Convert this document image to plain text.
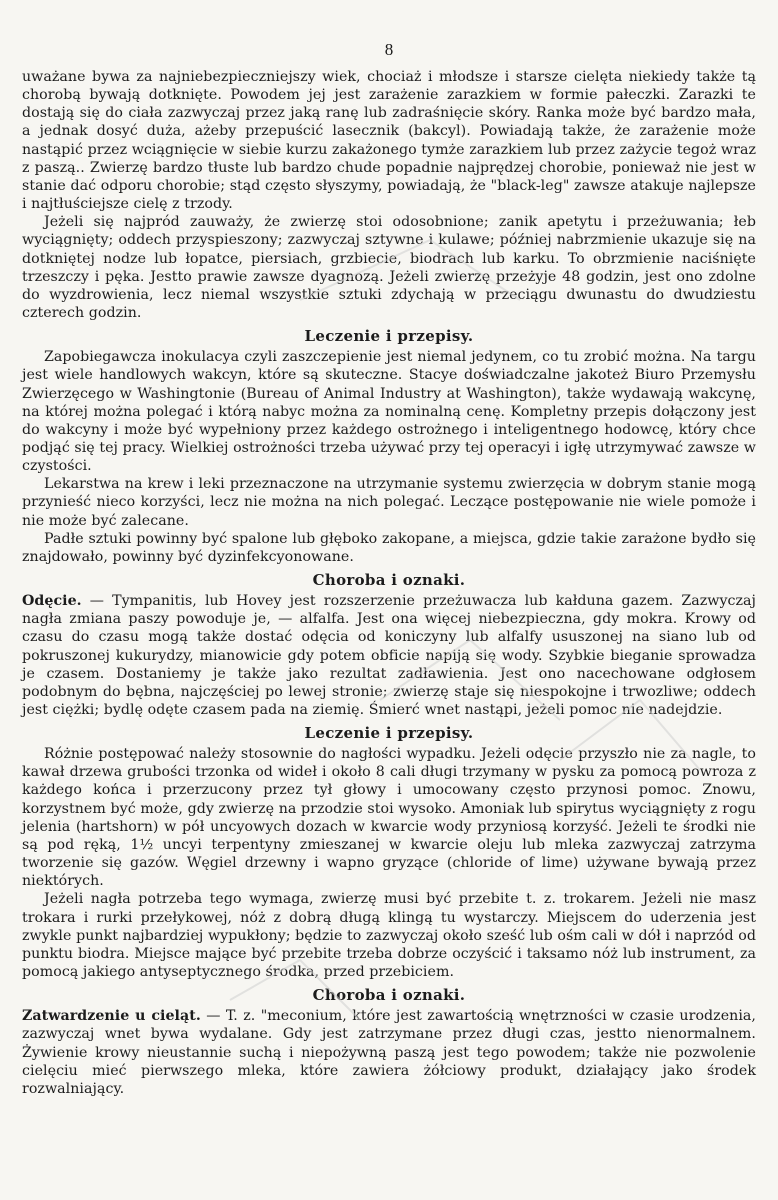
8

uważane bywa za najniebezpieczniejszy wiek, chociaż i młodsze i starsze cielęta niekiedy także tą chorobą bywają dotknięte. Powodem jej jest zarażenie zarazkiem w formie pałeczki. Zarazki te dostają się do ciała zazwyczaj przez jaką ranę lub zadraśnięcie skóry. Ranka może być bardzo mała, a jednak dosyć duża, ażeby przepuścić lasecznik (bakcyl). Powiadają także, że zarażenie może nastąpić przez wciągnięcie w siebie kurzu zakażonego tymże zarazkiem lub przez zażycie tegoż wraz z paszą.. Zwierzę bardzo tłuste lub bardzo chude popadnie najprędzej chorobie, ponieważ nie jest w stanie dać odporu chorobie; stąd często słyszymy, powiadają, że "black-leg" zawsze atakuje najlepsze i najtłuściejsze cielę z trzody.

Jeżeli się najpród zauważy, że zwierzę stoi odosobnione; zanik apetytu i przeżuwania; łeb wyciągnięty; oddech przyspieszony; zazwyczaj sztywne i kulawe; później nabrzmienie ukazuje się na dotkniętej nodze lub łopatce, piersiach, grzbiecie, biodrach lub karku. To obrzmienie naciśnięte trzeszczy i pęka. Jestto prawie zawsze dyagnozą. Jeżeli zwierzę przeżyje 48 godzin, jest ono zdolne do wyzdrowienia, lecz niemal wszystkie sztuki zdychają w przeciągu dwunastu do dwudziestu czterech godzin.

Leczenie i przepisy.

Zapobiegawcza inokulacya czyli zaszczepienie jest niemal jedynem, co tu zrobić można. Na targu jest wiele handlowych wakcyn, które są skuteczne. Stacye doświadczalne jakoteż Biuro Przemysłu Zwierzęcego w Washingtonie (Bureau of Animal Industry at Washington), także wydawają wakcynę, na której można polegać i którą nabyc można za nominalną cenę. Kompletny przepis dołączony jest do wakcyny i może być wypełniony przez każdego ostrożnego i inteligentnego hodowcę, który chce podjąć się tej pracy. Wielkiej ostrożności trzeba używać przy tej operacyi i igłę utrzymywać zawsze w czystości.

Lekarstwa na krew i leki przeznaczone na utrzymanie systemu zwierzęcia w dobrym stanie mogą przynieść nieco korzyści, lecz nie można na nich polegać. Leczące postępowanie nie wiele pomoże i nie może być zalecane.

Padłe sztuki powinny być spalone lub głęboko zakopane, a miejsca, gdzie takie zarażone bydło się znajdowało, powinny być dyzinfekcyonowane.

Choroba i oznaki.

Odęcie. — Tympanitis, lub Hovey jest rozszerzenie przeżuwacza lub kałduna gazem. Zazwyczaj nagła zmiana paszy powoduje je, — alfalfa. Jest ona więcej niebezpieczna, gdy mokra. Krowy od czasu do czasu mogą także dostać odęcia od koniczyny lub alfalfy ususzonej na siano lub od pokruszonej kukurydzy, mianowicie gdy potem obficie napiją się wody. Szybkie bieganie sprowadza je czasem. Dostaniemy je także jako rezultat zadławienia. Jest ono nacechowane odgłosem podobnym do bębna, najczęściej po lewej stronie; zwierzę staje się niespokojne i trwozliwe; oddech jest ciężki; bydlę odęte czasem pada na ziemię. Śmierć wnet nastąpi, jeżeli pomoc nie nadejdzie.

Leczenie i przepisy.

Różnie postępować należy stosownie do nagłości wypadku. Jeżeli odęcie przyszło nie za nagle, to kawał drzewa grubości trzonka od wideł i około 8 cali długi trzymany w pysku za pomocą powroza z każdego końca i przerzucony przez tył głowy i umocowany często przynosi pomoc. Znowu, korzystnem być może, gdy zwierzę na przodzie stoi wysoko. Amoniak lub spirytus wyciągnięty z rogu jelenia (hartshorn) w pół uncyowych dozach w kwarcie wody przyniosą korzyść. Jeżeli te środki nie są pod ręką, 1½ uncyi terpentyny zmieszanej w kwarcie oleju lub mleka zazwyczaj zatrzyma tworzenie się gazów. Węgiel drzewny i wapno gryzące (chloride of lime) używane bywają przez niektórych.

Jeżeli nagła potrzeba tego wymaga, zwierzę musi być przebite t. z. trokarem. Jeżeli nie masz trokara i rurki przełykowej, nóż z dobrą długą klingą tu wystarczy. Miejscem do uderzenia jest zwykle punkt najbardziej wypukłony; będzie to zazwyczaj około sześć lub ośm cali w dół i naprzód od punktu biodra. Miejsce mające być przebite trzeba dobrze oczyścić i taksamo nóż lub instrument, za pomocą jakiego antyseptycznego środka, przed przebiciem.

Choroba i oznaki.

Zatwardzenie u cieląt. — T. z. "meconium, które jest zawartością wnętrzności w czasie urodzenia, zazwyczaj wnet bywa wydalane. Gdy jest zatrzymane przez długi czas, jestto nienormalnem. Żywienie krowy nieustannie suchą i niepożywną paszą jest tego powodem; także nie pozwolenie cielęciu mieć pierwszego mleka, które zawiera żółciowy produkt, działający jako środek rozwalniający.
